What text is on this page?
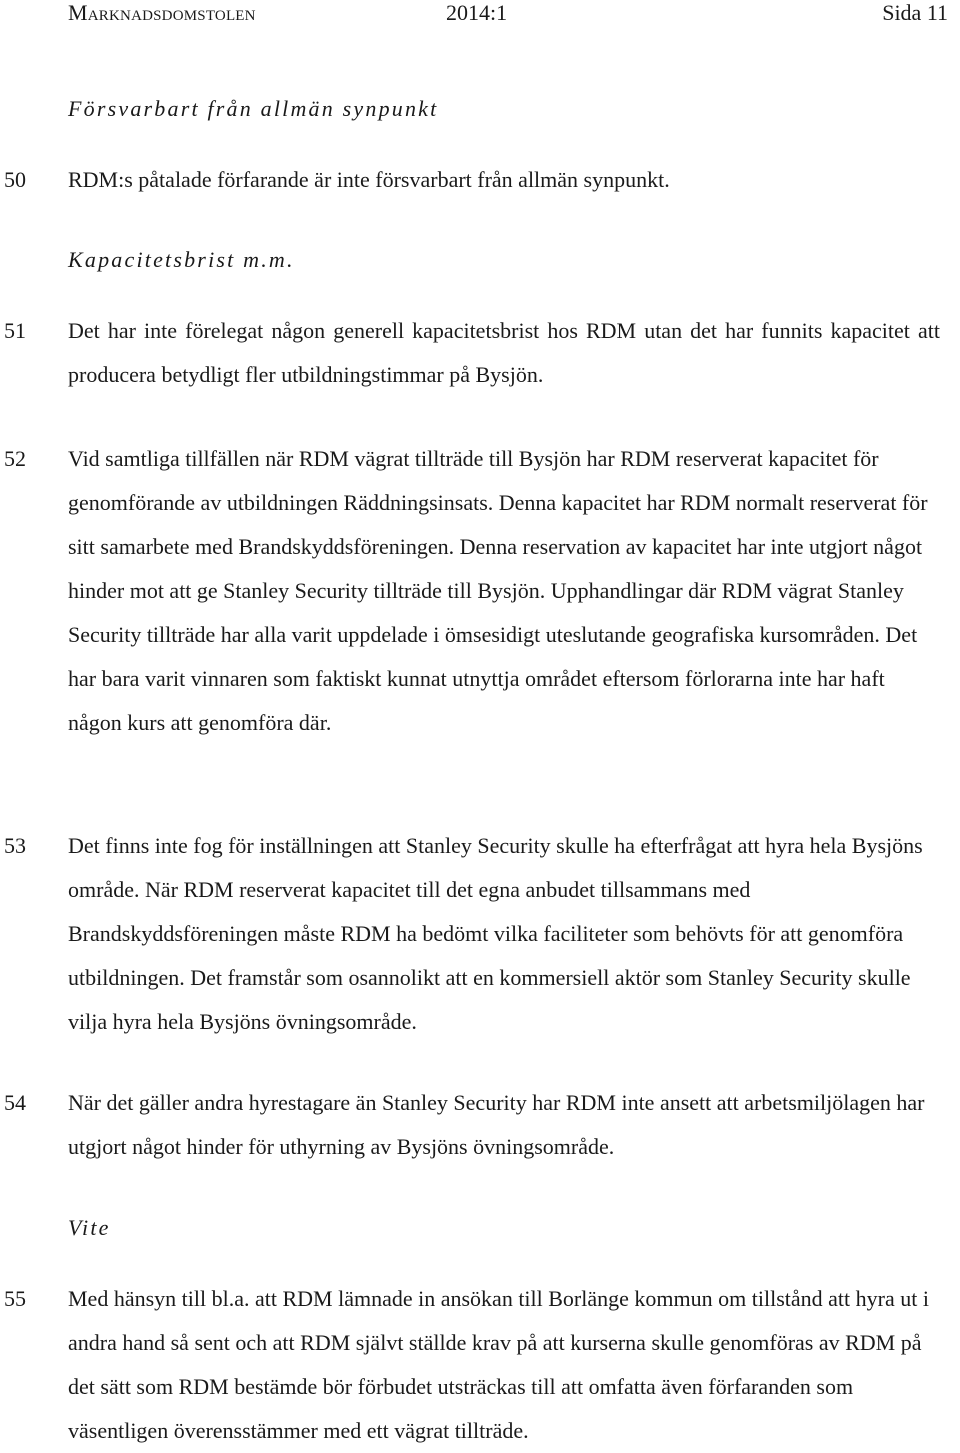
Marknadsdomstolen	2014:1	Sida 11
Försvarbart från allmän synpunkt
50 RDM:s påtalade förfarande är inte försvarbart från allmän synpunkt.

Kapacitetsbrist m.m.
51 Det har inte förelegat någon generell kapacitetsbrist hos RDM utan det har funnits kapacitet att producera betydligt fler utbildningstimmar på Bysjön.

52 Vid samtliga tillfällen när RDM vägrat tillträde till Bysjön har RDM reserverat kapacitet för genomförande av utbildningen Räddningsinsats. Denna kapacitet har RDM normalt reserverat för sitt samarbete med Brandskyddsföreningen. Denna reservation av kapacitet har inte utgjort något hinder mot att ge Stanley Security tillträde till Bysjön. Upphandlingar där RDM vägrat Stanley Security tillträde har alla varit uppdelade i ömsesidigt uteslutande geografiska kursområden. Det har bara varit vinnaren som faktiskt kunnat utnyttja området eftersom förlorarna inte har haft någon kurs att genomföra där.

53 Det finns inte fog för inställningen att Stanley Security skulle ha efterfrågat att hyra hela Bysjöns område. När RDM reserverat kapacitet till det egna anbudet tillsammans med Brandskyddsföreningen måste RDM ha bedömt vilka faciliteter som behövts för att genomföra utbildningen. Det framstår som osannolikt att en kommersiell aktör som Stanley Security skulle vilja hyra hela Bysjöns övningsområde.

54 När det gäller andra hyrestagare än Stanley Security har RDM inte ansett att arbetsmiljölagen har utgjort något hinder för uthyrning av Bysjöns övningsområde.

Vite
55 Med hänsyn till bl.a. att RDM lämnade in ansökan till Borlänge kommun om tillstånd att hyra ut i andra hand så sent och att RDM självt ställde krav på att kurserna skulle genomföras av RDM på det sätt som RDM bestämde bör förbudet utsträckas till att omfatta även förfaranden som väsentligen överensstämmer med ett vägrat tillträde.
